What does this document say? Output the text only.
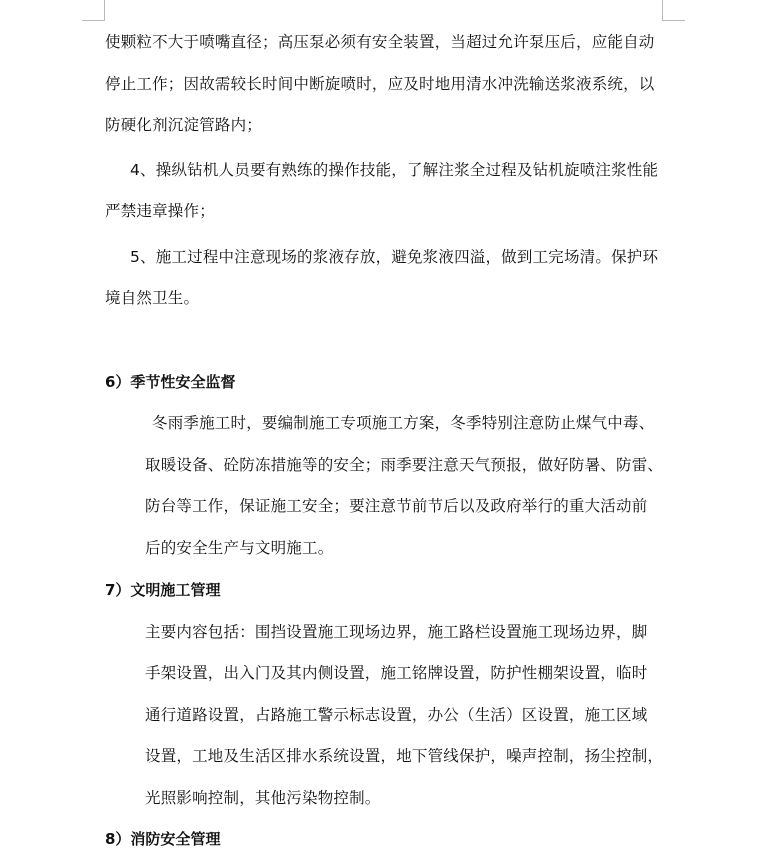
使颗粒不大于喷嘴直径；高压泵必须有安全装置，当超过允许泵压后，应能自动
停止工作；因故需较长时间中断旋喷时，应及时地用清水冲洗输送浆液系统，以
防硬化剂沉淀管路内；
4、操纵钻机人员要有熟练的操作技能，了解注浆全过程及钻机旋喷注浆性能
严禁违章操作；
5、施工过程中注意现场的浆液存放，避免浆液四溢，做到工完场清。保护环
境自然卫生。
6）季节性安全监督
冬雨季施工时，要编制施工专项施工方案，冬季特别注意防止煤气中毒、
取暖设备、砼防冻措施等的安全；雨季要注意天气预报，做好防暑、防雷、
防台等工作，保证施工安全；要注意节前节后以及政府举行的重大活动前
后的安全生产与文明施工。
7）文明施工管理
主要内容包括：围挡设置施工现场边界，施工路栏设置施工现场边界，脚
手架设置，出入门及其内侧设置，施工铭牌设置，防护性棚架设置，临时
通行道路设置，占路施工警示标志设置，办公（生活）区设置，施工区域
设置，工地及生活区排水系统设置，地下管线保护，噪声控制，扬尘控制，
光照影响控制，其他污染物控制。
8）消防安全管理
